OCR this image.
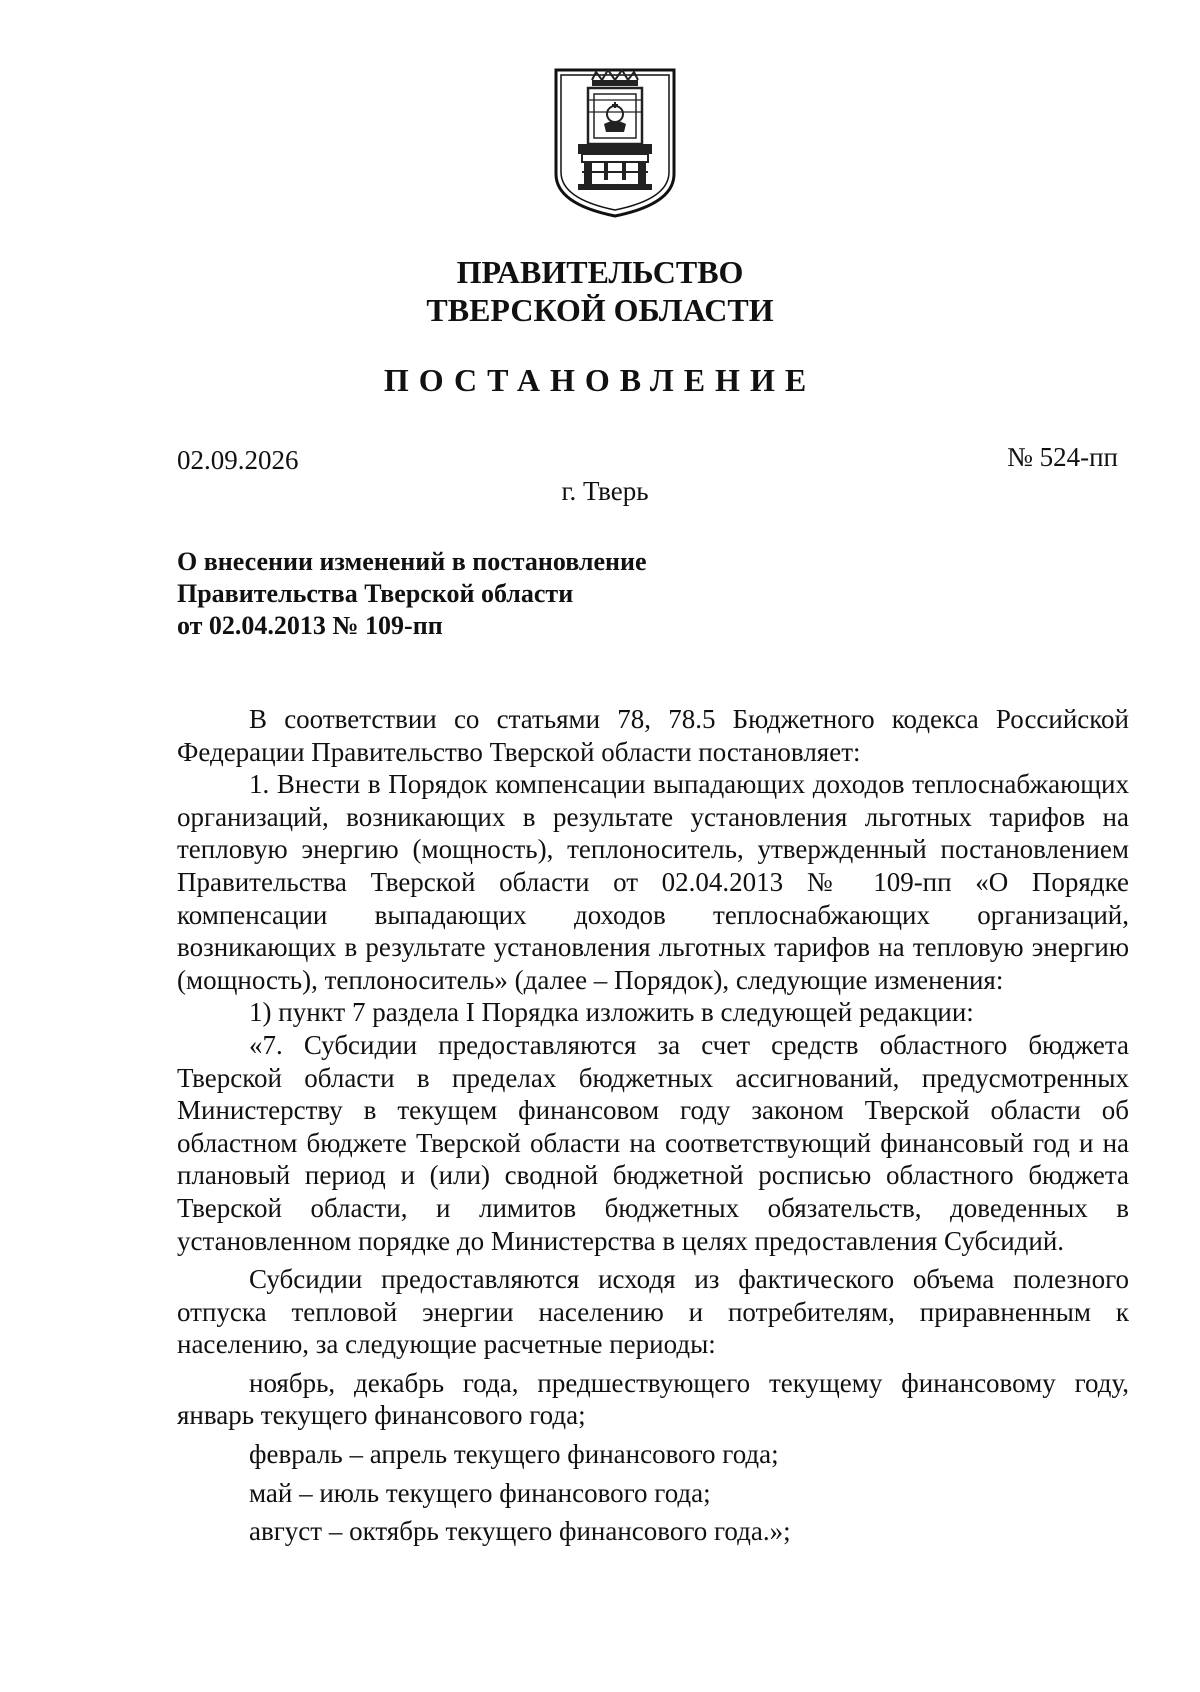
ПРАВИТЕЛЬСТВО
ТВЕРСКОЙ ОБЛАСТИ
ПОСТАНОВЛЕНИЕ
02.09.2026	№ 524-пп
г. Тверь
О внесении изменений в постановление
Правительства Тверской области
от 02.04.2013 № 109-пп

В соответствии со статьями 78, 78.5 Бюджетного кодекса Российской Федерации Правительство Тверской области постановляет:

1. Внести в Порядок компенсации выпадающих доходов теплоснабжающих организаций, возникающих в результате установления льготных тарифов на тепловую энергию (мощность), теплоноситель, утвержденный постановлением Правительства Тверской области от 02.04.2013 № 109-пп «О Порядке компенсации выпадающих доходов теплоснабжающих организаций, возникающих в результате установления льготных тарифов на тепловую энергию (мощность), теплоноситель» (далее – Порядок), следующие изменения:

1) пункт 7 раздела I Порядка изложить в следующей редакции:

«7. Субсидии предоставляются за счет средств областного бюджета Тверской области в пределах бюджетных ассигнований, предусмотренных Министерству в текущем финансовом году законом Тверской области об областном бюджете Тверской области на соответствующий финансовый год и на плановый период и (или) сводной бюджетной росписью областного бюджета Тверской области, и лимитов бюджетных обязательств, доведенных в установленном порядке до Министерства в целях предоставления Субсидий.

Субсидии предоставляются исходя из фактического объема полезного отпуска тепловой энергии населению и потребителям, приравненным к населению, за следующие расчетные периоды:

ноябрь, декабрь года, предшествующего текущему финансовому году, январь текущего финансового года;

февраль – апрель текущего финансового года;

май – июль текущего финансового года;

август – октябрь текущего финансового года.»;
